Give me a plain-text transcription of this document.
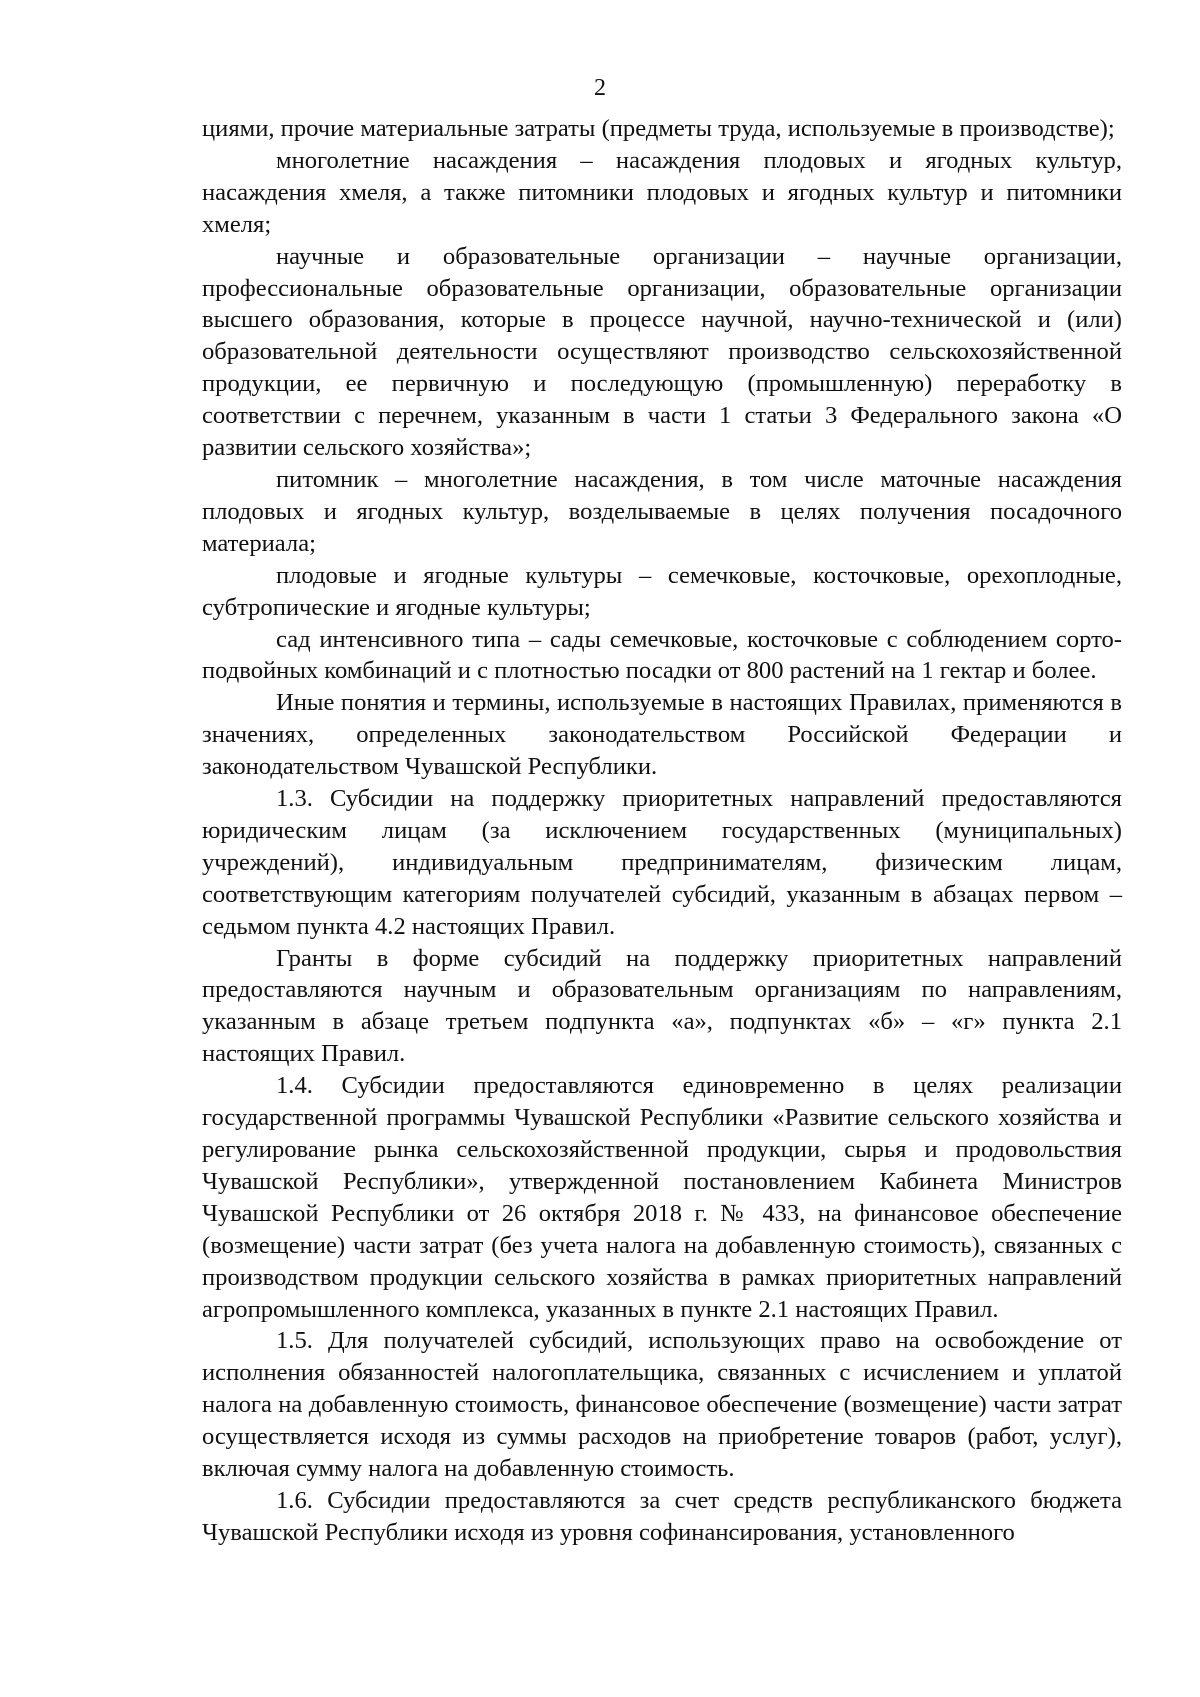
2

циями, прочие материальные затраты (предметы труда, используемые в производстве);

многолетние насаждения – насаждения плодовых и ягодных культур, насаждения хмеля, а также питомники плодовых и ягодных культур и питомники хмеля;

научные и образовательные организации – научные организации, профессиональные образовательные организации, образовательные организации высшего образования, которые в процессе научной, научно-технической и (или) образовательной деятельности осуществляют производство сельскохозяйственной продукции, ее первичную и последующую (промышленную) переработку в соответствии с перечнем, указанным в части 1 статьи 3 Федерального закона «О развитии сельского хозяйства»;

питомник – многолетние насаждения, в том числе маточные насаждения плодовых и ягодных культур, возделываемые в целях получения посадочного материала;

плодовые и ягодные культуры – семечковые, косточковые, орехоплодные, субтропические и ягодные культуры;

сад интенсивного типа – сады семечковые, косточковые с соблюдением сорто-подвойных комбинаций и с плотностью посадки от 800 растений на 1 гектар и более.

Иные понятия и термины, используемые в настоящих Правилах, применяются в значениях, определенных законодательством Российской Федерации и законодательством Чувашской Республики.

1.3. Субсидии на поддержку приоритетных направлений предоставляются юридическим лицам (за исключением государственных (муниципальных) учреждений), индивидуальным предпринимателям, физическим лицам, соответствующим категориям получателей субсидий, указанным в абзацах первом – седьмом пункта 4.2 настоящих Правил.

Гранты в форме субсидий на поддержку приоритетных направлений предоставляются научным и образовательным организациям по направлениям, указанным в абзаце третьем подпункта «а», подпунктах «б» – «г» пункта 2.1 настоящих Правил.

1.4. Субсидии предоставляются единовременно в целях реализации государственной программы Чувашской Республики «Развитие сельского хозяйства и регулирование рынка сельскохозяйственной продукции, сырья и продовольствия Чувашской Республики», утвержденной постановлением Кабинета Министров Чувашской Республики от 26 октября 2018 г. № 433, на финансовое обеспечение (возмещение) части затрат (без учета налога на добавленную стоимость), связанных с производством продукции сельского хозяйства в рамках приоритетных направлений агропромышленного комплекса, указанных в пункте 2.1 настоящих Правил.

1.5. Для получателей субсидий, использующих право на освобождение от исполнения обязанностей налогоплательщика, связанных с исчислением и уплатой налога на добавленную стоимость, финансовое обеспечение (возмещение) части затрат осуществляется исходя из суммы расходов на приобретение товаров (работ, услуг), включая сумму налога на добавленную стоимость.

1.6. Субсидии предоставляются за счет средств республиканского бюджета Чувашской Республики исходя из уровня софинансирования, установленного
